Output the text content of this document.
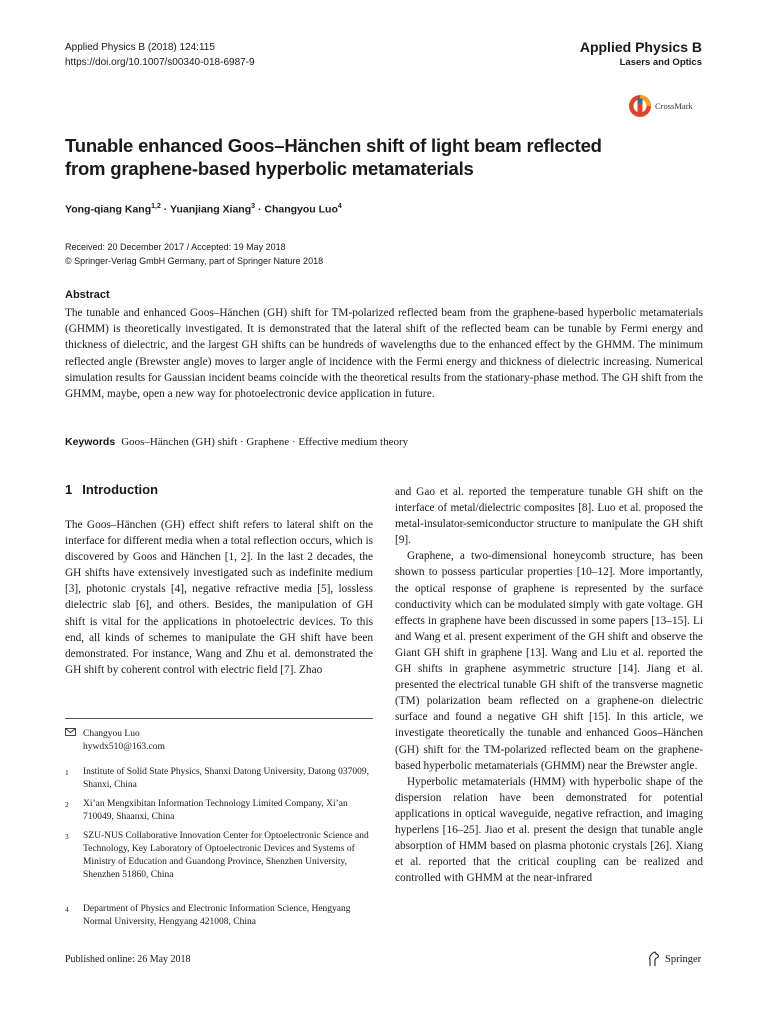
Applied Physics B (2018) 124:115
https://doi.org/10.1007/s00340-018-6987-9
Applied Physics B
Lasers and Optics
CrossMark
Tunable enhanced Goos–Hänchen shift of light beam reflected from graphene-based hyperbolic metamaterials
Yong-qiang Kang$^{1,2}$ · Yuanjiang Xiang$^3$ · Changyou Luo$^4$
Received: 20 December 2017 / Accepted: 19 May 2018
© Springer-Verlag GmbH Germany, part of Springer Nature 2018
Abstract
The tunable and enhanced Goos–Hänchen (GH) shift for TM-polarized reflected beam from the graphene-based hyperbolic metamaterials (GHMM) is theoretically investigated. It is demonstrated that the lateral shift of the reflected beam can be tunable by Fermi energy and thickness of dielectric, and the largest GH shifts can be hundreds of wavelengths due to the enhanced effect by the GHMM. The minimum reflected angle (Brewster angle) moves to larger angle of incidence with the Fermi energy and thickness of dielectric increasing. Numerical simulation results for Gaussian incident beams coincide with the theoretical results from the stationary-phase method. The GH shift from the GHMM, maybe, open a new way for photoelectronic device application in future.
Keywords Goos–Hänchen (GH) shift · Graphene · Effective medium theory
1 Introduction
The Goos–Hänchen (GH) effect shift refers to lateral shift on the interface for different media when a total reflection occurs, which is discovered by Goos and Hänchen [1, 2]. In the last 2 decades, the GH shifts have extensively investigated such as indefinite medium [3], photonic crystals [4], negative refractive media [5], lossless dielectric slab [6], and others. Besides, the manipulation of GH shift is vital for the applications in photoelectric devices. To this end, all kinds of schemes to manipulate the GH shift have been demonstrated. For instance, Wang and Zhu et al. demonstrated the GH shift by coherent control with electric field [7]. Zhao

and Gao et al. reported the temperature tunable GH shift on the interface of metal/dielectric composites [8]. Luo et al. proposed the metal-insulator-semiconductor structure to manipulate the GH shift [9].

Graphene, a two-dimensional honeycomb structure, has been shown to possess particular properties [10–12]. More importantly, the optical response of graphene is represented by the surface conductivity which can be modulated simply with gate voltage. GH effects in graphene have been discussed in some papers [13–15]. Li and Wang et al. present experiment of the GH shift and observe the Giant GH shift in graphene [13]. Wang and Liu et al. reported the GH shifts in graphene asymmetric structure [14]. Jiang et al. presented the electrical tunable GH shift of the transverse magnetic (TM) polarization beam reflected on a graphene-on dielectric surface and found a negative GH shift [15]. In this article, we investigate theoretically the tunable and enhanced Goos–Hänchen (GH) shift for the TM-polarized reflected beam on the graphene-based hyperbolic metamaterials (GHMM) near the Brewster angle.

Hyperbolic metamaterials (HMM) with hyperbolic shape of the dispersion relation have been demonstrated for potential applications in optical waveguide, negative refraction, and imaging hyperlens [16–25]. Jiao et al. present the design that tunable angle absorption of HMM based on plasma photonic crystals [26]. Xiang et al. reported that the critical coupling can be realized and controlled with GHMM at the near-infrared

Changyou Luo
hywdx510@163.com
1	Institute of Solid State Physics, Shanxi Datong University, Datong 037009, Shanxi, China
2	Xi’an Mengxibitan Information Technology Limited Company, Xi’an 710049, Shaanxi, China
3	SZU-NUS Collaborative Innovation Center for Optoelectronic Science and Technology, Key Laboratory of Optoelectronic Devices and Systems of Ministry of Education and Guandong Province, Shenzhen University, Shenzhen 51860, China
4	Department of Physics and Electronic Information Science, Hengyang Normal University, Hengyang 421008, China
Published online: 26 May 2018	Springer
